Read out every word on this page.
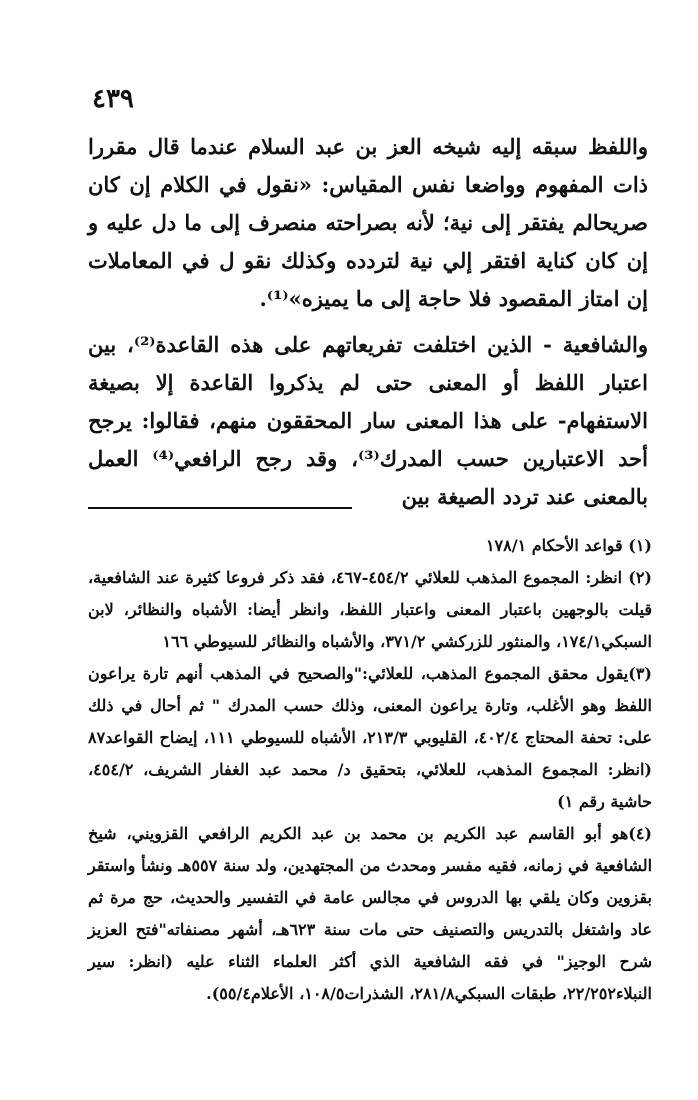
٤٣٩

واللفظ سبقه إليه شيخه العز بن عبد السلام عندما قال مقررا ذات المفهوم وواضعا نفس المقياس: «نقول في الكلام إن كان صريحالم يفتقر إلى نية؛ لأنه بصراحته منصرف إلى ما دل عليه و إن كان كناية افتقر إلي نية لتردده وكذلك نقو ل في المعاملات إن امتاز المقصود فلا حاجة إلى ما يميزه»⁽¹⁾.

والشافعية - الذين اختلفت تفريعاتهم على هذه القاعدة⁽²⁾، بين اعتبار اللفظ أو المعنى حتى لم يذكروا القاعدة إلا بصيغة الاستفهام- على هذا المعنى سار المحققون منهم، فقالوا: يرجح أحد الاعتبارين حسب المدرك⁽³⁾، وقد رجح الرافعي⁽⁴⁾ العمل بالمعنى عند تردد الصيغة بين

(١) قواعد الأحكام ١٧٨/١

(٢) انظر: المجموع المذهب للعلائي ٤٥٤/٢-٤٦٧، فقد ذكر فروعا كثيرة عند الشافعية، قيلت بالوجهين باعتبار المعنى واعتبار اللفظ، وانظر أيضا: الأشباه والنظائر، لابن السبكي١٧٤/١، والمنثور للزركشي ٣٧١/٢، والأشباه والنظائر للسيوطي ١٦٦

(٣)يقول محقق المجموع المذهب، للعلائي:"والصحيح في المذهب أنهم تارة يراعون اللفظ وهو الأغلب، وتارة يراعون المعنى، وذلك حسب المدرك " ثم أحال في ذلك على: تحفة المحتاج ٤٠٢/٤، القليوبي ٢١٣/٣، الأشباه للسيوطي ١١١، إيضاح القواعد٨٧ (انظر: المجموع المذهب، للعلائي، بتحقيق د/ محمد عبد الغفار الشريف، ٤٥٤/٢، حاشية رقم ١)

(٤)هو أبو القاسم عبد الكريم بن محمد بن عبد الكريم الرافعي القزويني، شيخ الشافعية في زمانه، فقيه مفسر ومحدث من المجتهدين، ولد سنة ٥٥٧هـ ونشأ واستقر بقزوين وكان يلقي بها الدروس في مجالس عامة في التفسير والحديث، حج مرة ثم عاد واشتغل بالتدريس والتصنيف حتى مات سنة ٦٢٣هـ، أشهر مصنفاته"فتح العزيز شرح الوجيز" في فقه الشافعية الذي أكثر العلماء الثناء عليه (انظر: سير النبلاء٢٢/٢٥٢، طبقات السبكي٢٨١/٨، الشذرات١٠٨/٥، الأعلام٥٥/٤).
